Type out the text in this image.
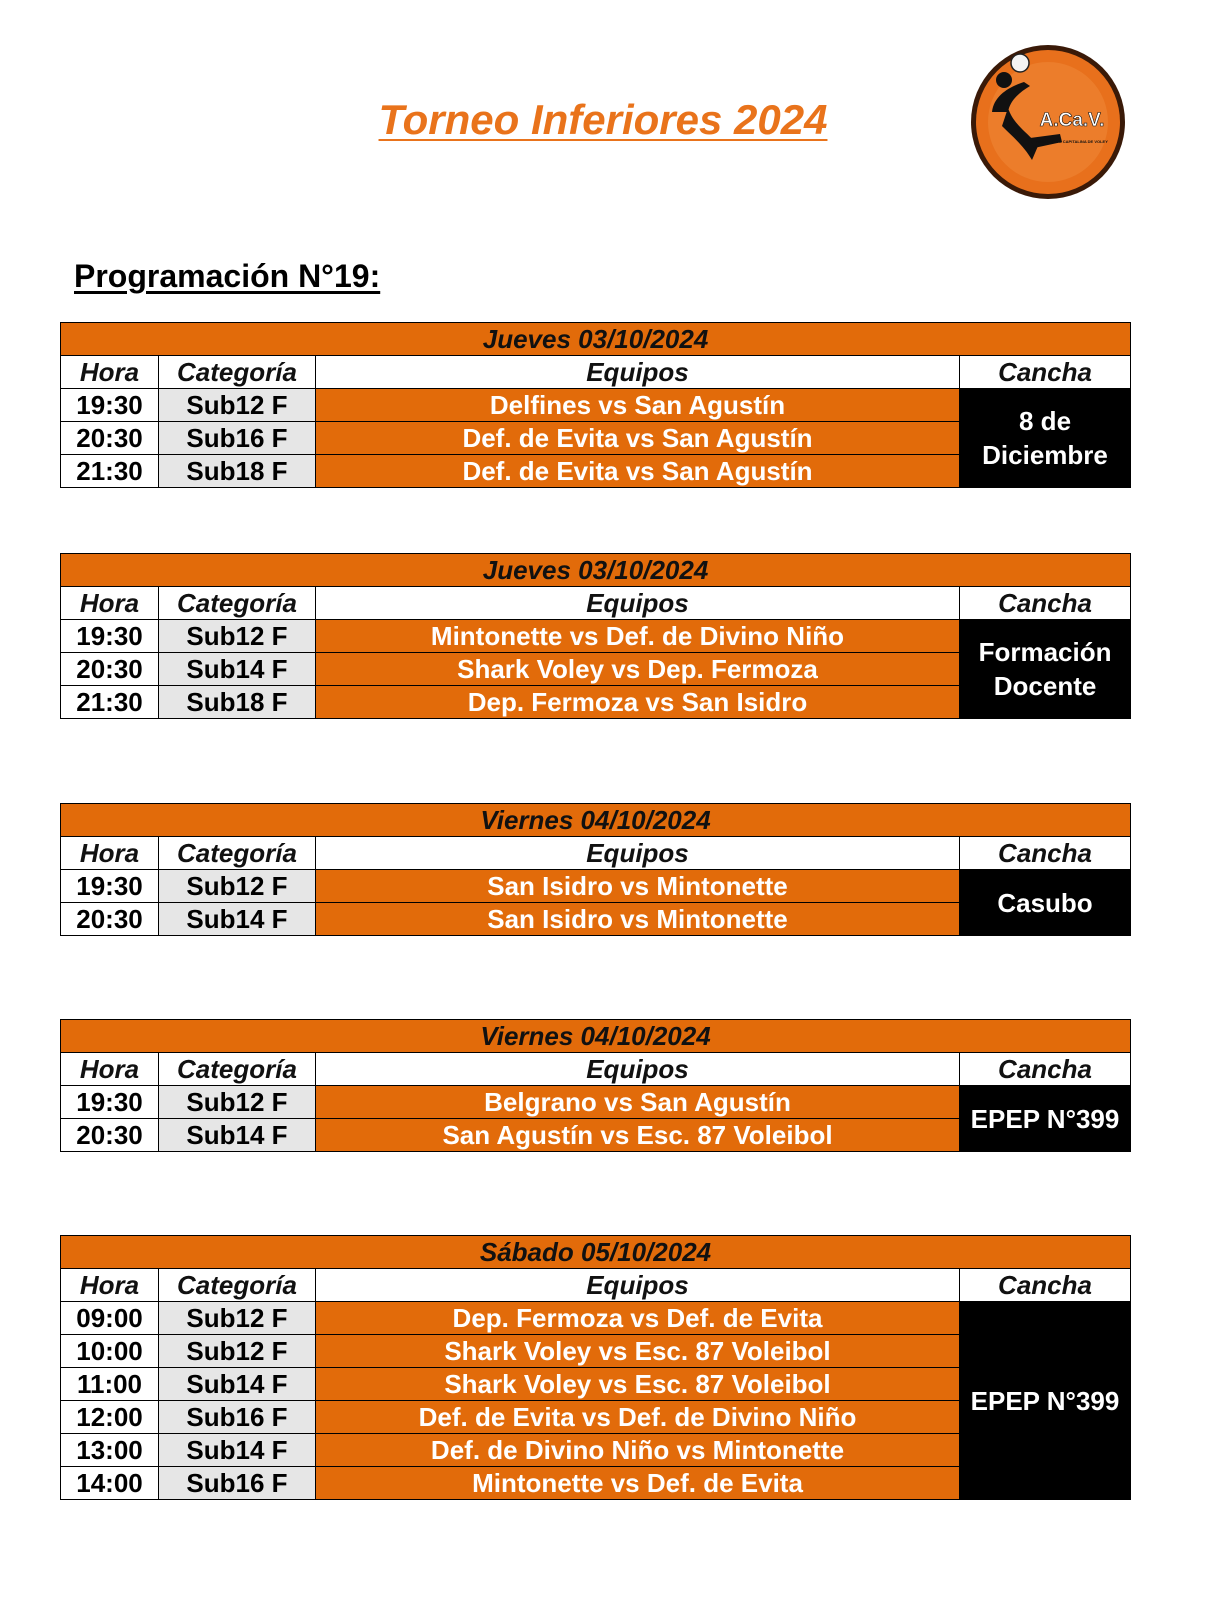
Torneo Inferiores 2024	A.Ca.V.
ASOCIACION CAPITALINA DE VOLEY
Programación N°19:
Jueves 03/10/2024			
Hora	Categoría	Equipos	Cancha
19:30	Sub12 F	Delfines vs San Agustín	8 de Diciembre
20:30	Sub16 F	Def. de Evita vs San Agustín	
21:30	Sub18 F	Def. de Evita vs San Agustín	
Jueves 03/10/2024			
Hora	Categoría	Equipos	Cancha
19:30	Sub12 F	Mintonette vs Def. de Divino Niño	Formación Docente
20:30	Sub14 F	Shark Voley vs Dep. Fermoza	
21:30	Sub18 F	Dep. Fermoza vs San Isidro	
Viernes 04/10/2024			
Hora	Categoría	Equipos	Cancha
19:30	Sub12 F	San Isidro vs Mintonette	Casubo
20:30	Sub14 F	San Isidro vs Mintonette	
Viernes 04/10/2024			
Hora	Categoría	Equipos	Cancha
19:30	Sub12 F	Belgrano vs San Agustín	EPEP N°399
20:30	Sub14 F	San Agustín vs Esc. 87 Voleibol	
Sábado 05/10/2024			
Hora	Categoría	Equipos	Cancha
09:00	Sub12 F	Dep. Fermoza vs Def. de Evita	EPEP N°399
10:00	Sub12 F	Shark Voley vs Esc. 87 Voleibol	
11:00	Sub14 F	Shark Voley vs Esc. 87 Voleibol	
12:00	Sub16 F	Def. de Evita vs Def. de Divino Niño	
13:00	Sub14 F	Def. de Divino Niño vs Mintonette	
14:00	Sub16 F	Mintonette vs Def. de Evita	
